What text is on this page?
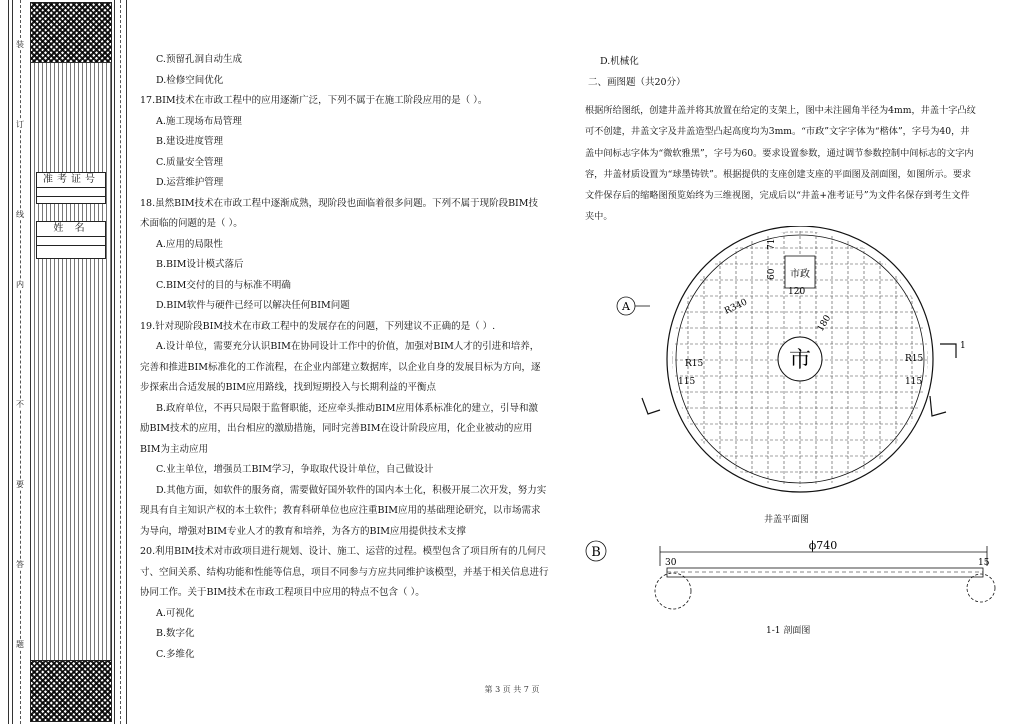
准考证号
姓 名
装
订
线
内
不
要
答
题

C.预留孔洞自动生成

D.检修空间优化

17.BIM技术在市政工程中的应用逐渐广泛，下列不属于在施工阶段应用的是（ ）。

A.施工现场布局管理

B.建设进度管理

C.质量安全管理

D.运营维护管理

18.虽然BIM技术在市政工程中逐渐成熟，现阶段也面临着很多问题。下列不属于现阶段BIM技

术面临的问题的是（ ）。

A.应用的局限性

B.BIM设计模式落后

C.BIM交付的目的与标准不明确

D.BIM软件与硬件已经可以解决任何BIM问题

19.针对现阶段BIM技术在市政工程中的发展存在的问题，下列建议不正确的是（ ）.

A.设计单位，需要充分认识BIM在协同设计工作中的价值，加强对BIM人才的引进和培养，

完善和推进BIM标准化的工作流程，在企业内部建立数据库，以企业自身的发展目标为方向，逐

步探索出合适发展的BIM应用路线，找到短期投入与长期利益的平衡点

B.政府单位，不再只局限于监督职能，还应牵头推动BIM应用体系标准化的建立，引导和激

励BIM技术的应用，出台相应的激励措施，同时完善BIM在设计阶段应用，化企业被动的应用

BIM为主动应用

C.业主单位，增强员工BIM学习，争取取代设计单位，自己做设计

D.其他方面，如软件的服务商，需要做好国外软件的国内本土化，积极开展二次开发，努力实

现具有自主知识产权的本土软件；教育科研单位也应注重BIM应用的基础理论研究，以市场需求

为导向，增强对BIM专业人才的教育和培养，为各方的BIM应用提供技术支撑

20.利用BIM技术对市政项目进行规划、设计、施工、运营的过程。模型包含了项目所有的几何尺

寸、空间关系、结构功能和性能等信息，项目不同参与方应共同维护该模型，并基于相关信息进行

协同工作。关于BIM技术在市政工程项目中应用的特点不包含（ ）。

A.可视化

B.数字化

C.多维化

D.机械化
二、画图题（共20分）

根据所给图纸，创建井盖并将其放置在给定的支架上，图中未注圆角半径为4mm，井盖十字凸纹

可不创建，井盖文字及井盖造型凸起高度均为3mm。“市政”文字字体为“楷体”，字号为40，井

盖中间标志字体为“微软雅黑”，字号为60。要求设置参数，通过调节参数控制中间标志的文字内

容，井盖材质设置为“球墨铸铁”。根据提供的支座创建支座的平面图及剖面图，如图所示。要求

文件保存后的缩略图预览始终为三维视图，完成后以“井盖+准考证号”为文件名保存到考生文件

夹中。

市
市政
71
60
120
R340
180
R15	R15
115	115
A
1
井盖平面图
B	ϕ740
30	15
1-1 剖面图
第 3 页 共 7 页
